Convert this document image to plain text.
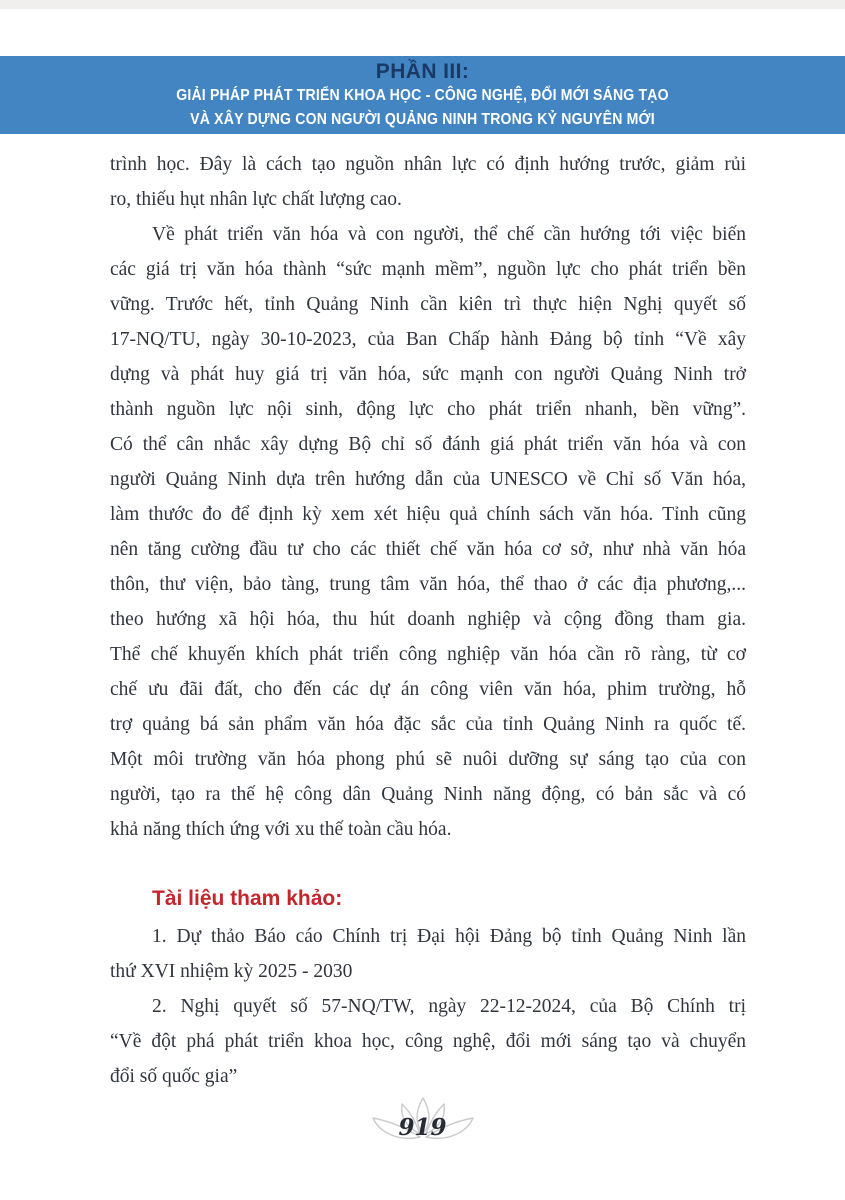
PHẦN III:
GIẢI PHÁP PHÁT TRIỂN KHOA HỌC - CÔNG NGHỆ, ĐỔI MỚI SÁNG TẠO
VÀ XÂY DỰNG CON NGƯỜI QUẢNG NINH TRONG KỶ NGUYÊN MỚI
trình học. Đây là cách tạo nguồn nhân lực có định hướng trước, giảm rủi
ro, thiếu hụt nhân lực chất lượng cao.
Về phát triển văn hóa và con người, thể chế cần hướng tới việc biến
các giá trị văn hóa thành “sức mạnh mềm”, nguồn lực cho phát triển bền
vững. Trước hết, tỉnh Quảng Ninh cần kiên trì thực hiện Nghị quyết số
17-NQ/TU, ngày 30-10-2023, của Ban Chấp hành Đảng bộ tỉnh “Về xây
dựng và phát huy giá trị văn hóa, sức mạnh con người Quảng Ninh trở
thành nguồn lực nội sinh, động lực cho phát triển nhanh, bền vững”.
Có thể cân nhắc xây dựng Bộ chỉ số đánh giá phát triển văn hóa và con
người Quảng Ninh dựa trên hướng dẫn của UNESCO về Chỉ số Văn hóa,
làm thước đo để định kỳ xem xét hiệu quả chính sách văn hóa. Tỉnh cũng
nên tăng cường đầu tư cho các thiết chế văn hóa cơ sở, như nhà văn hóa
thôn, thư viện, bảo tàng, trung tâm văn hóa, thể thao ở các địa phương,...
theo hướng xã hội hóa, thu hút doanh nghiệp và cộng đồng tham gia.
Thể chế khuyến khích phát triển công nghiệp văn hóa cần rõ ràng, từ cơ
chế ưu đãi đất, cho đến các dự án công viên văn hóa, phim trường, hỗ
trợ quảng bá sản phẩm văn hóa đặc sắc của tỉnh Quảng Ninh ra quốc tế.
Một môi trường văn hóa phong phú sẽ nuôi dưỡng sự sáng tạo của con
người, tạo ra thế hệ công dân Quảng Ninh năng động, có bản sắc và có
khả năng thích ứng với xu thế toàn cầu hóa.
Tài liệu tham khảo:
1. Dự thảo Báo cáo Chính trị Đại hội Đảng bộ tỉnh Quảng Ninh lần
thứ XVI nhiệm kỳ 2025 - 2030
2. Nghị quyết số 57-NQ/TW, ngày 22-12-2024, của Bộ Chính trị
“Về đột phá phát triển khoa học, công nghệ, đổi mới sáng tạo và chuyển
đổi số quốc gia”
919
